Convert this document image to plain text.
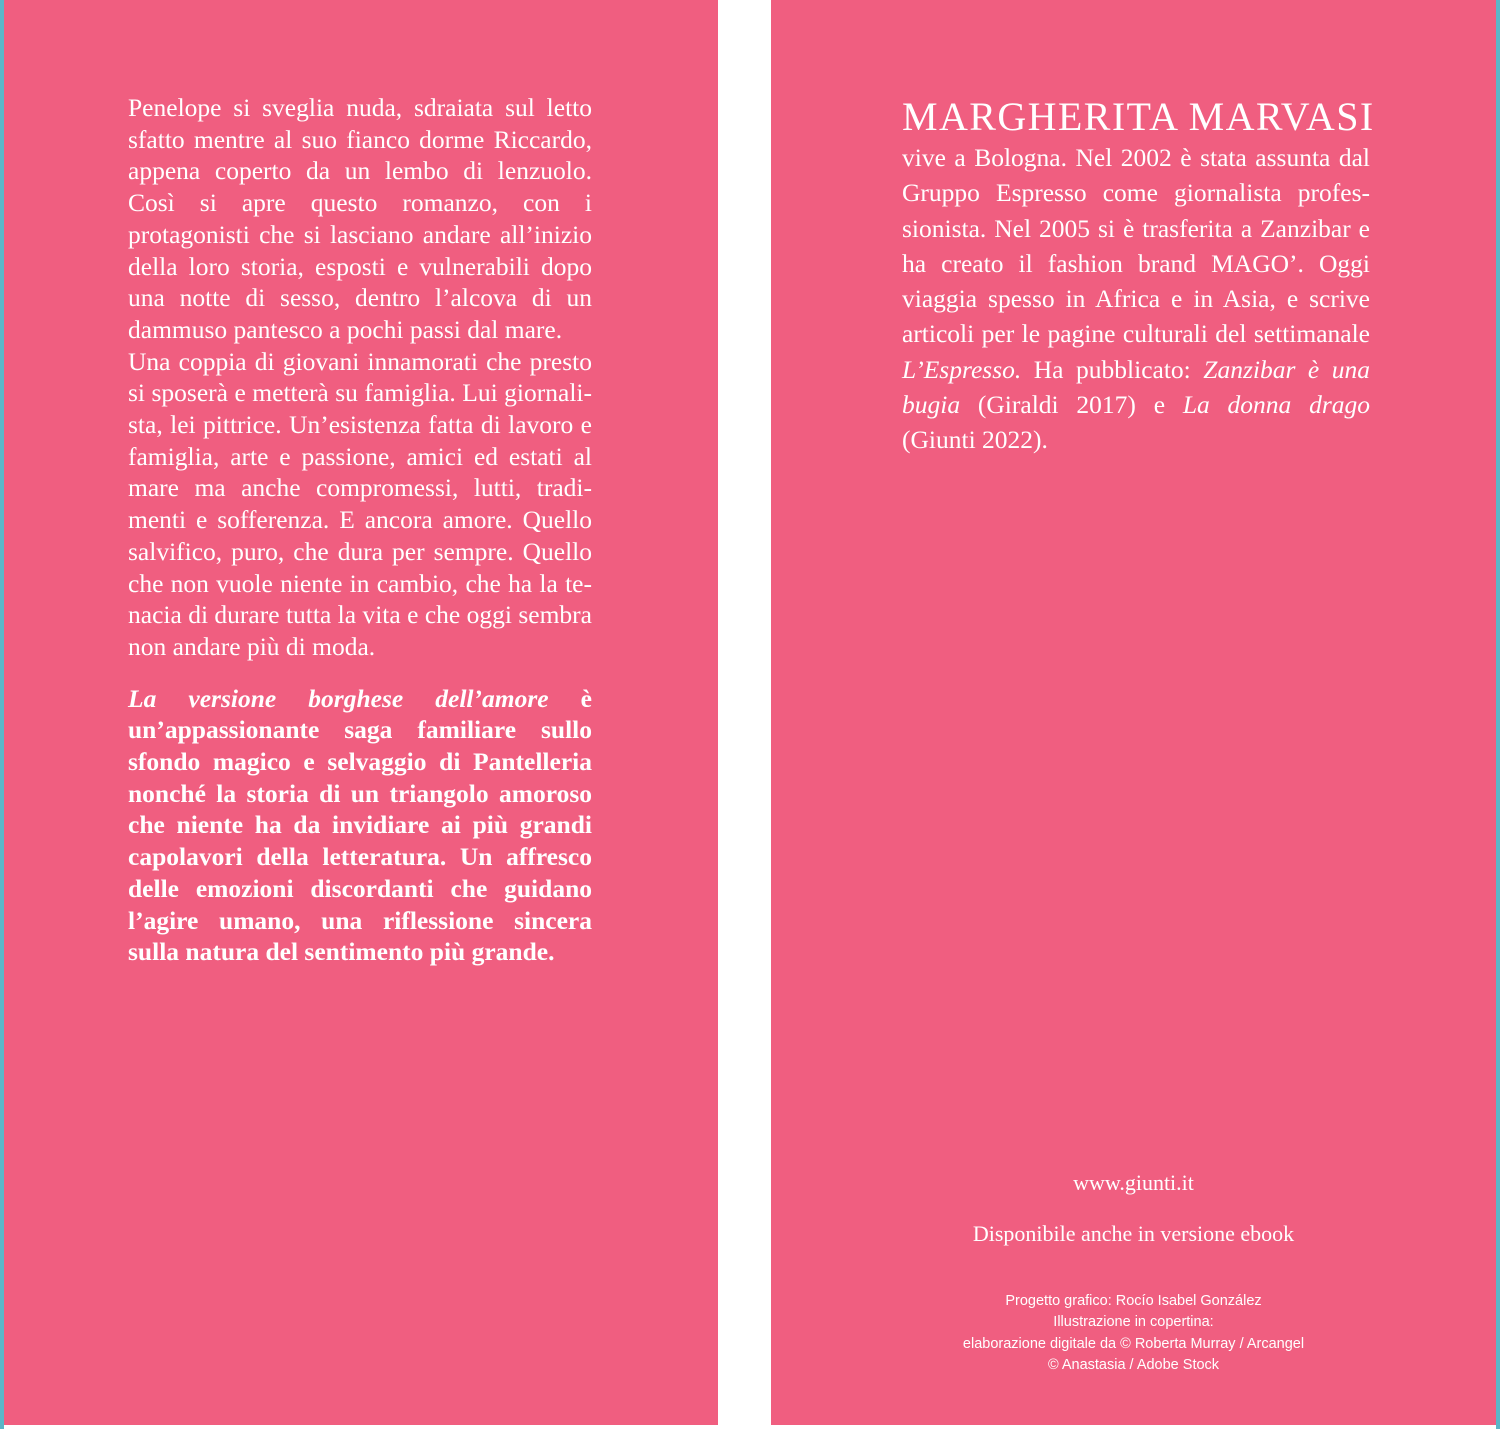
Penelope si sveglia nuda, sdraiata sul letto sfatto mentre al suo fianco dorme Riccardo, appena coperto da un lembo di lenzuolo. Così si apre questo romanzo, con i protagonisti che si lasciano andare all’inizio della loro storia, esposti e vulnerabili dopo una notte di sesso, dentro l’alcova di un dammuso pantesco a pochi passi dal mare.

Una coppia di giovani innamorati che presto si sposerà e metterà su famiglia. Lui giornalista, lei pittrice. Un’esistenza fatta di lavoro e famiglia, arte e passione, amici ed estati al mare ma anche compromessi, lutti, tradimenti e sofferenza. E ancora amore. Quello salvifico, puro, che dura per sempre. Quello che non vuole niente in cambio, che ha la tenacia di durare tutta la vita e che oggi sembra non andare più di moda.

La versione borghese dell’amore è un’appassionante saga familiare sullo sfondo magico e selvaggio di Pantelleria nonché la storia di un triangolo amoroso che niente ha da invidiare ai più grandi capolavori della letteratura. Un affresco delle emozioni discordanti che guidano l’agire umano, una riflessione sincera sulla natura del sentimento più grande.

MARGHERITA MARVASI

vive a Bologna. Nel 2002 è stata assunta dal Gruppo Espresso come giornalista professionista. Nel 2005 si è trasferita a Zanzibar e ha creato il fashion brand MAGO’. Oggi viaggia spesso in Africa e in Asia, e scrive articoli per le pagine culturali del settimanale L’Espresso. Ha pubblicato: Zanzibar è una bugia (Giraldi 2017) e La donna drago (Giunti 2022).

www.giunti.it
Disponibile anche in versione ebook
Progetto grafico: Rocío Isabel González
Illustrazione in copertina:
elaborazione digitale da © Roberta Murray / Arcangel
© Anastasia / Adobe Stock
